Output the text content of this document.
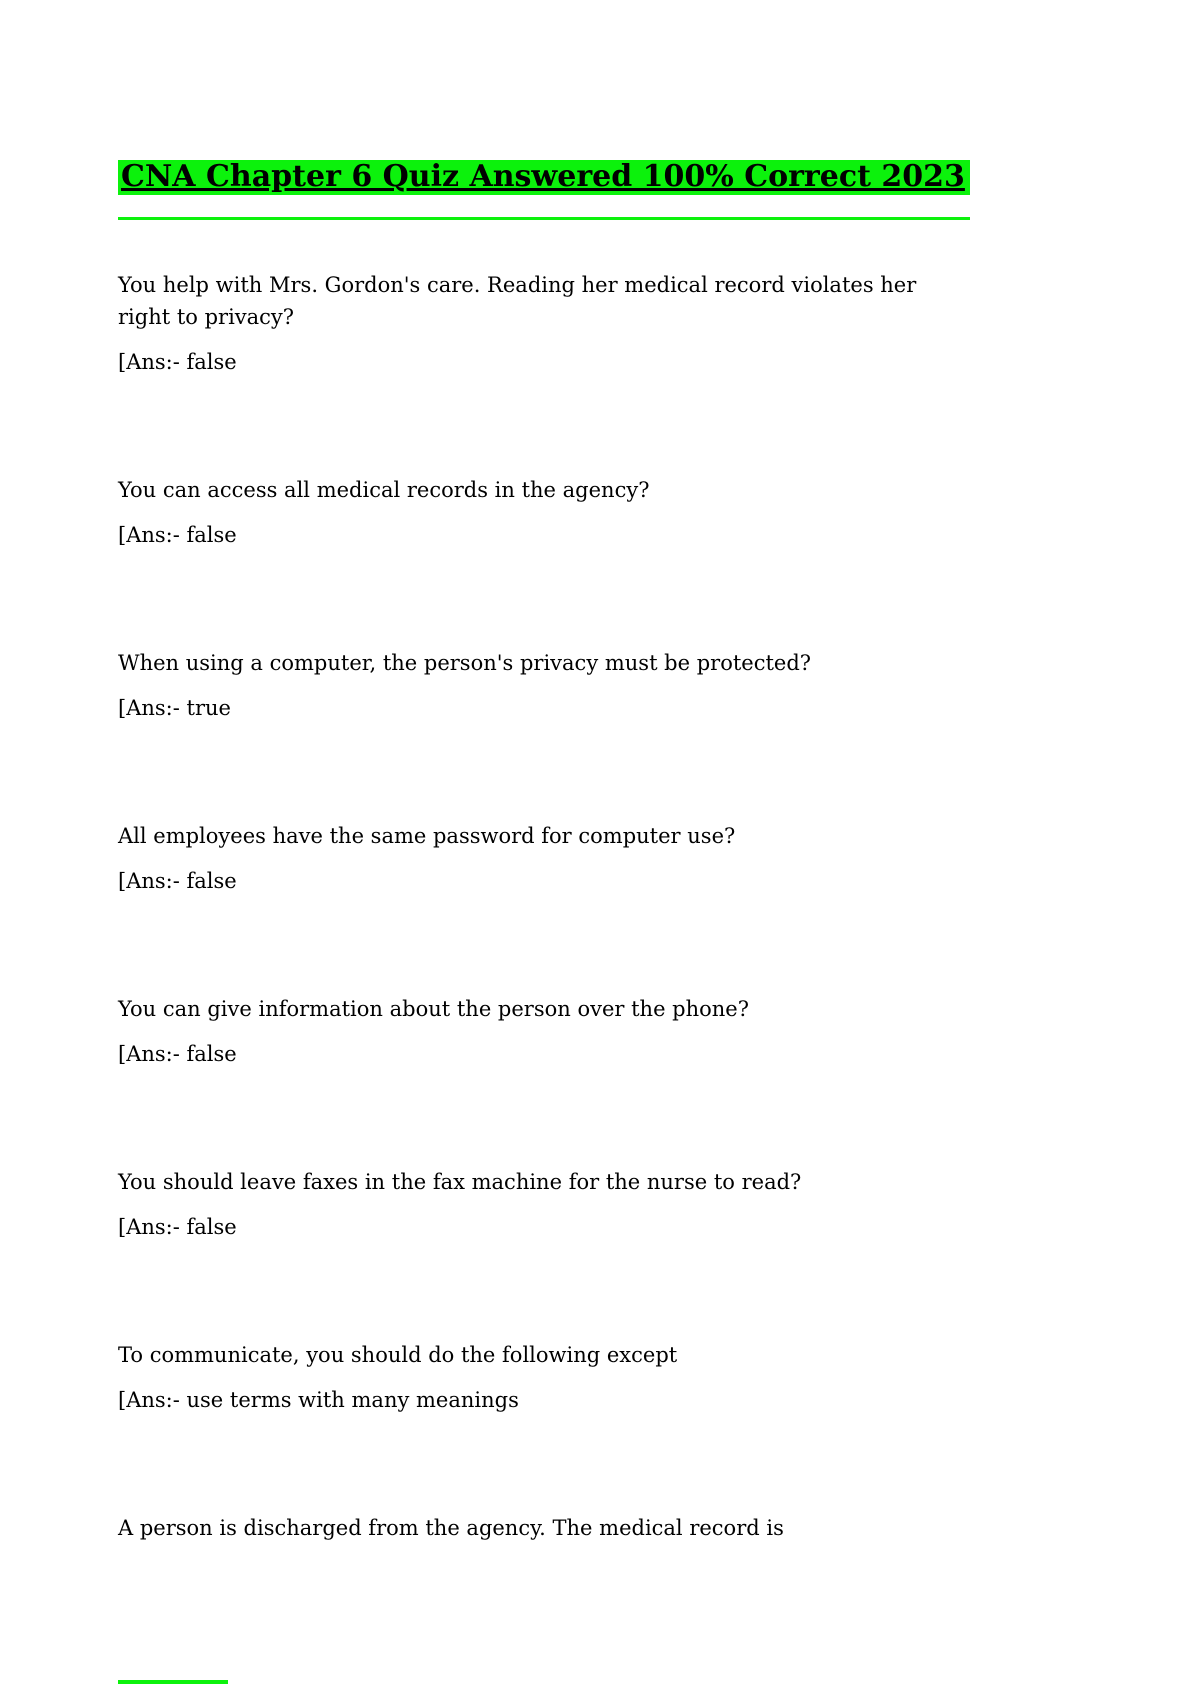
CNA Chapter 6 Quiz Answered 100% Correct 2023

You help with Mrs. Gordon's care. Reading her medical record violates her right to privacy?

[Ans:- false

You can access all medical records in the agency?

[Ans:- false

When using a computer, the person's privacy must be protected?

[Ans:- true

All employees have the same password for computer use?

[Ans:- false

You can give information about the person over the phone?

[Ans:- false

You should leave faxes in the fax machine for the nurse to read?

[Ans:- false

To communicate, you should do the following except

[Ans:- use terms with many meanings

A person is discharged from the agency. The medical record is
